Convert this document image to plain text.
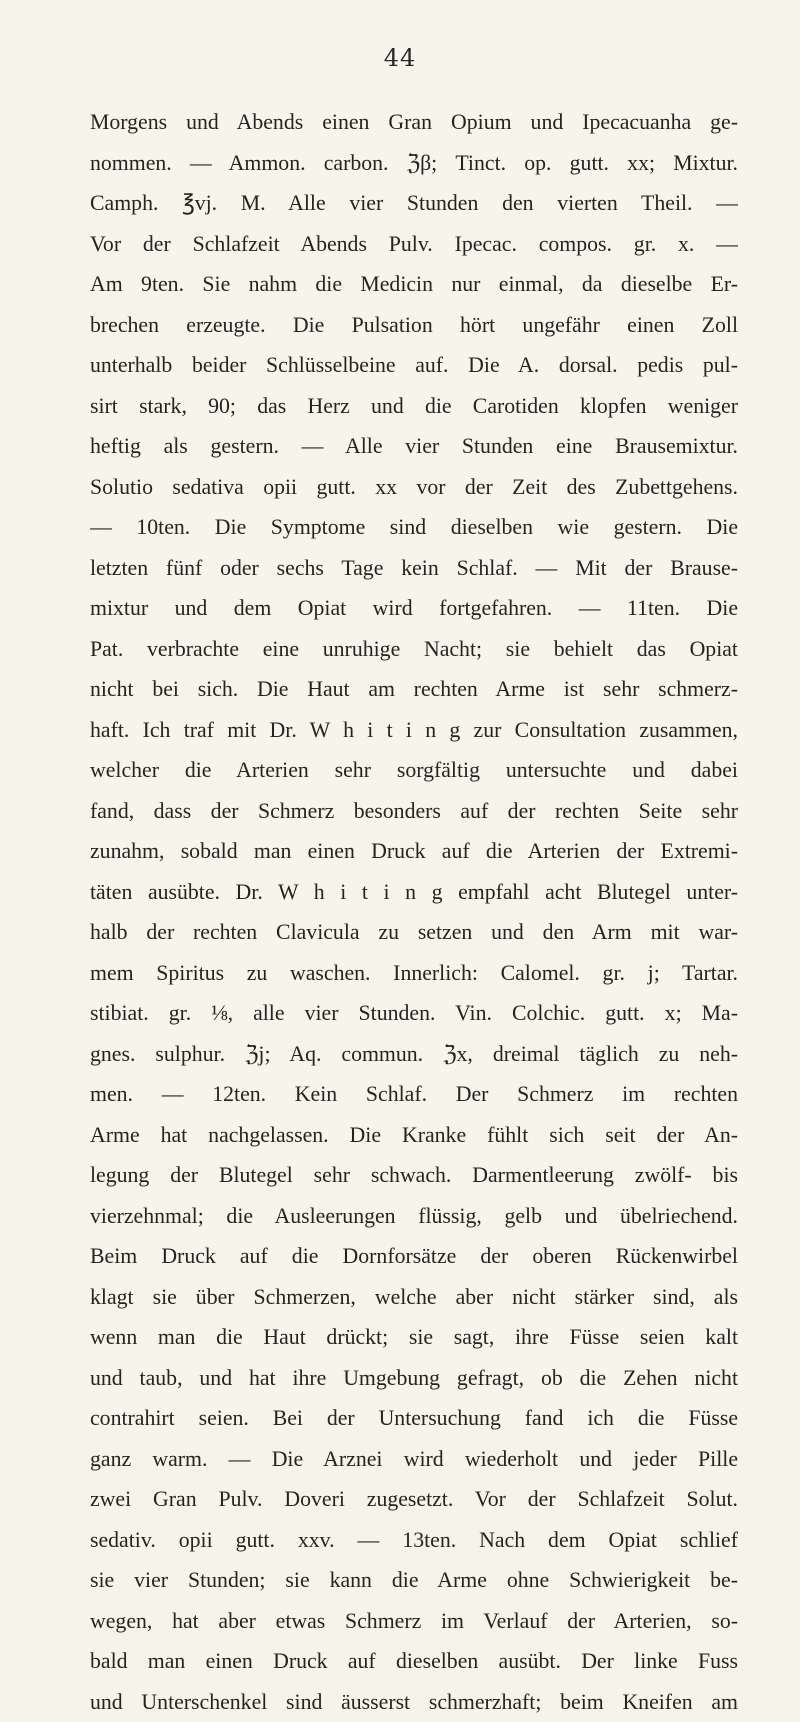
44
Morgens und Abends einen Gran Opium und Ipecacuanha ge-
nommen. — Ammon. carbon. ℨβ; Tinct. op. gutt. xx; Mixtur.
Camph. ℥vj. M. Alle vier Stunden den vierten Theil. —
Vor der Schlafzeit Abends Pulv. Ipecac. compos. gr. x. —
Am 9ten. Sie nahm die Medicin nur einmal, da dieselbe Er-
brechen erzeugte. Die Pulsation hört ungefähr einen Zoll
unterhalb beider Schlüsselbeine auf. Die A. dorsal. pedis pul-
sirt stark, 90; das Herz und die Carotiden klopfen weniger
heftig als gestern. — Alle vier Stunden eine Brausemixtur.
Solutio sedativa opii gutt. xx vor der Zeit des Zubettgehens.
— 10ten. Die Symptome sind dieselben wie gestern. Die
letzten fünf oder sechs Tage kein Schlaf. — Mit der Brause-
mixtur und dem Opiat wird fortgefahren. — 11ten. Die
Pat. verbrachte eine unruhige Nacht; sie behielt das Opiat
nicht bei sich. Die Haut am rechten Arme ist sehr schmerz-
haft. Ich traf mit Dr. W h i t i n g zur Consultation zusammen,
welcher die Arterien sehr sorgfältig untersuchte und dabei
fand, dass der Schmerz besonders auf der rechten Seite sehr
zunahm, sobald man einen Druck auf die Arterien der Extremi-
täten ausübte. Dr. W h i t i n g empfahl acht Blutegel unter-
halb der rechten Clavicula zu setzen und den Arm mit war-
mem Spiritus zu waschen. Innerlich: Calomel. gr. j; Tartar.
stibiat. gr. ⅛, alle vier Stunden. Vin. Colchic. gutt. x; Ma-
gnes. sulphur. ℨj; Aq. commun. ℨx, dreimal täglich zu neh-
men. — 12ten. Kein Schlaf. Der Schmerz im rechten
Arme hat nachgelassen. Die Kranke fühlt sich seit der An-
legung der Blutegel sehr schwach. Darmentleerung zwölf- bis
vierzehnmal; die Ausleerungen flüssig, gelb und übelriechend.
Beim Druck auf die Dornforsätze der oberen Rückenwirbel
klagt sie über Schmerzen, welche aber nicht stärker sind, als
wenn man die Haut drückt; sie sagt, ihre Füsse seien kalt
und taub, und hat ihre Umgebung gefragt, ob die Zehen nicht
contrahirt seien. Bei der Untersuchung fand ich die Füsse
ganz warm. — Die Arznei wird wiederholt und jeder Pille
zwei Gran Pulv. Doveri zugesetzt. Vor der Schlafzeit Solut.
sedativ. opii gutt. xxv. — 13ten. Nach dem Opiat schlief
sie vier Stunden; sie kann die Arme ohne Schwierigkeit be-
wegen, hat aber etwas Schmerz im Verlauf der Arterien, so-
bald man einen Druck auf dieselben ausübt. Der linke Fuss
und Unterschenkel sind äusserst schmerzhaft; beim Kneifen am
